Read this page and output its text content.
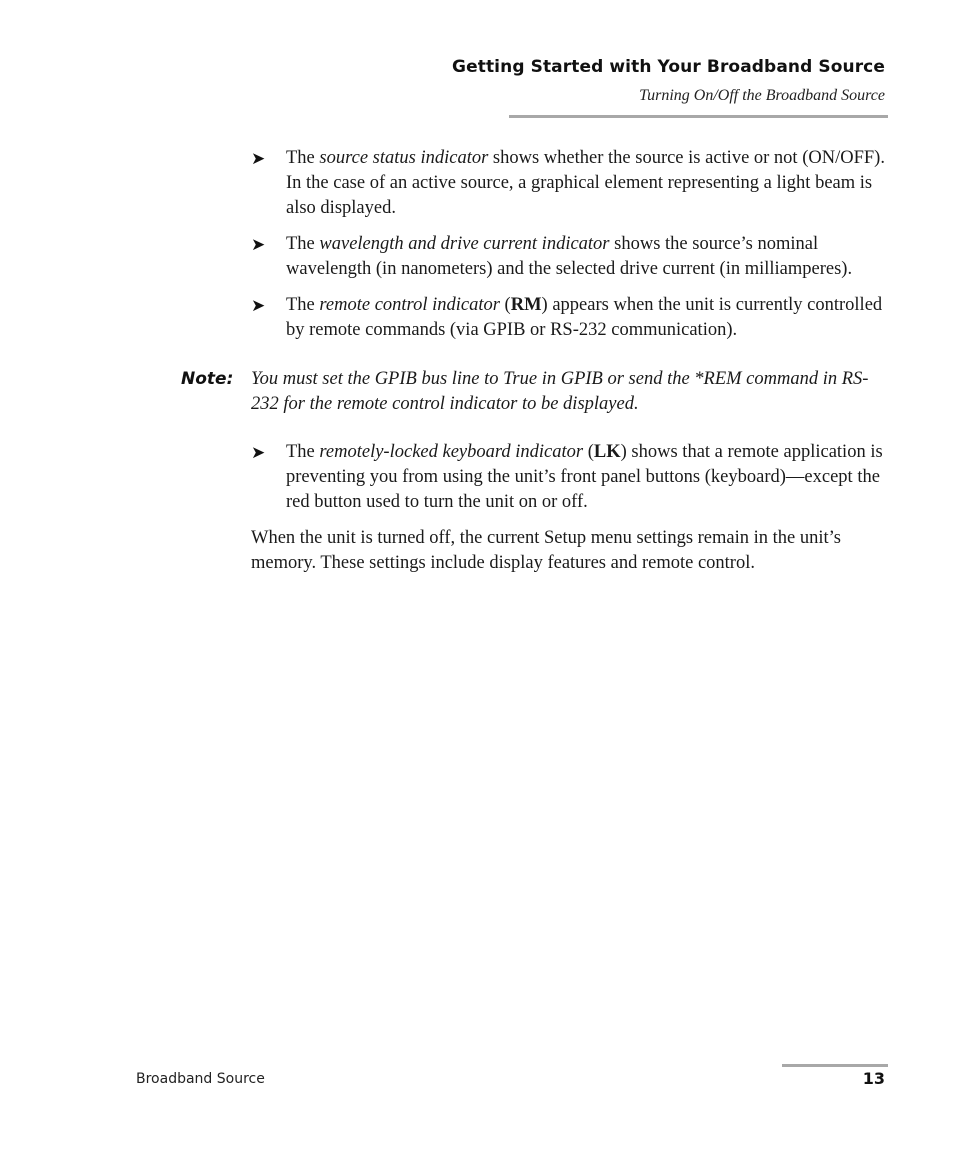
Getting Started with Your Broadband Source
Turning On/Off the Broadband Source
➤	The source status indicator shows whether the source is active or not (ON/OFF). In the case of an active source, a graphical element representing a light beam is also displayed.
➤	The wavelength and drive current indicator shows the source’s nominal wavelength (in nanometers) and the selected drive current (in milliamperes).
➤	The remote control indicator (RM) appears when the unit is currently controlled by remote commands (via GPIB or RS-232 communication).
Note: You must set the GPIB bus line to True in GPIB or send the *REM command in RS-232 for the remote control indicator to be displayed.
➤	The remotely-locked keyboard indicator (LK) shows that a remote application is preventing you from using the unit’s front panel buttons (keyboard)—except the red button used to turn the unit on or off.

When the unit is turned off, the current Setup menu settings remain in the unit’s memory. These settings include display features and remote control.

Broadband Source	13
